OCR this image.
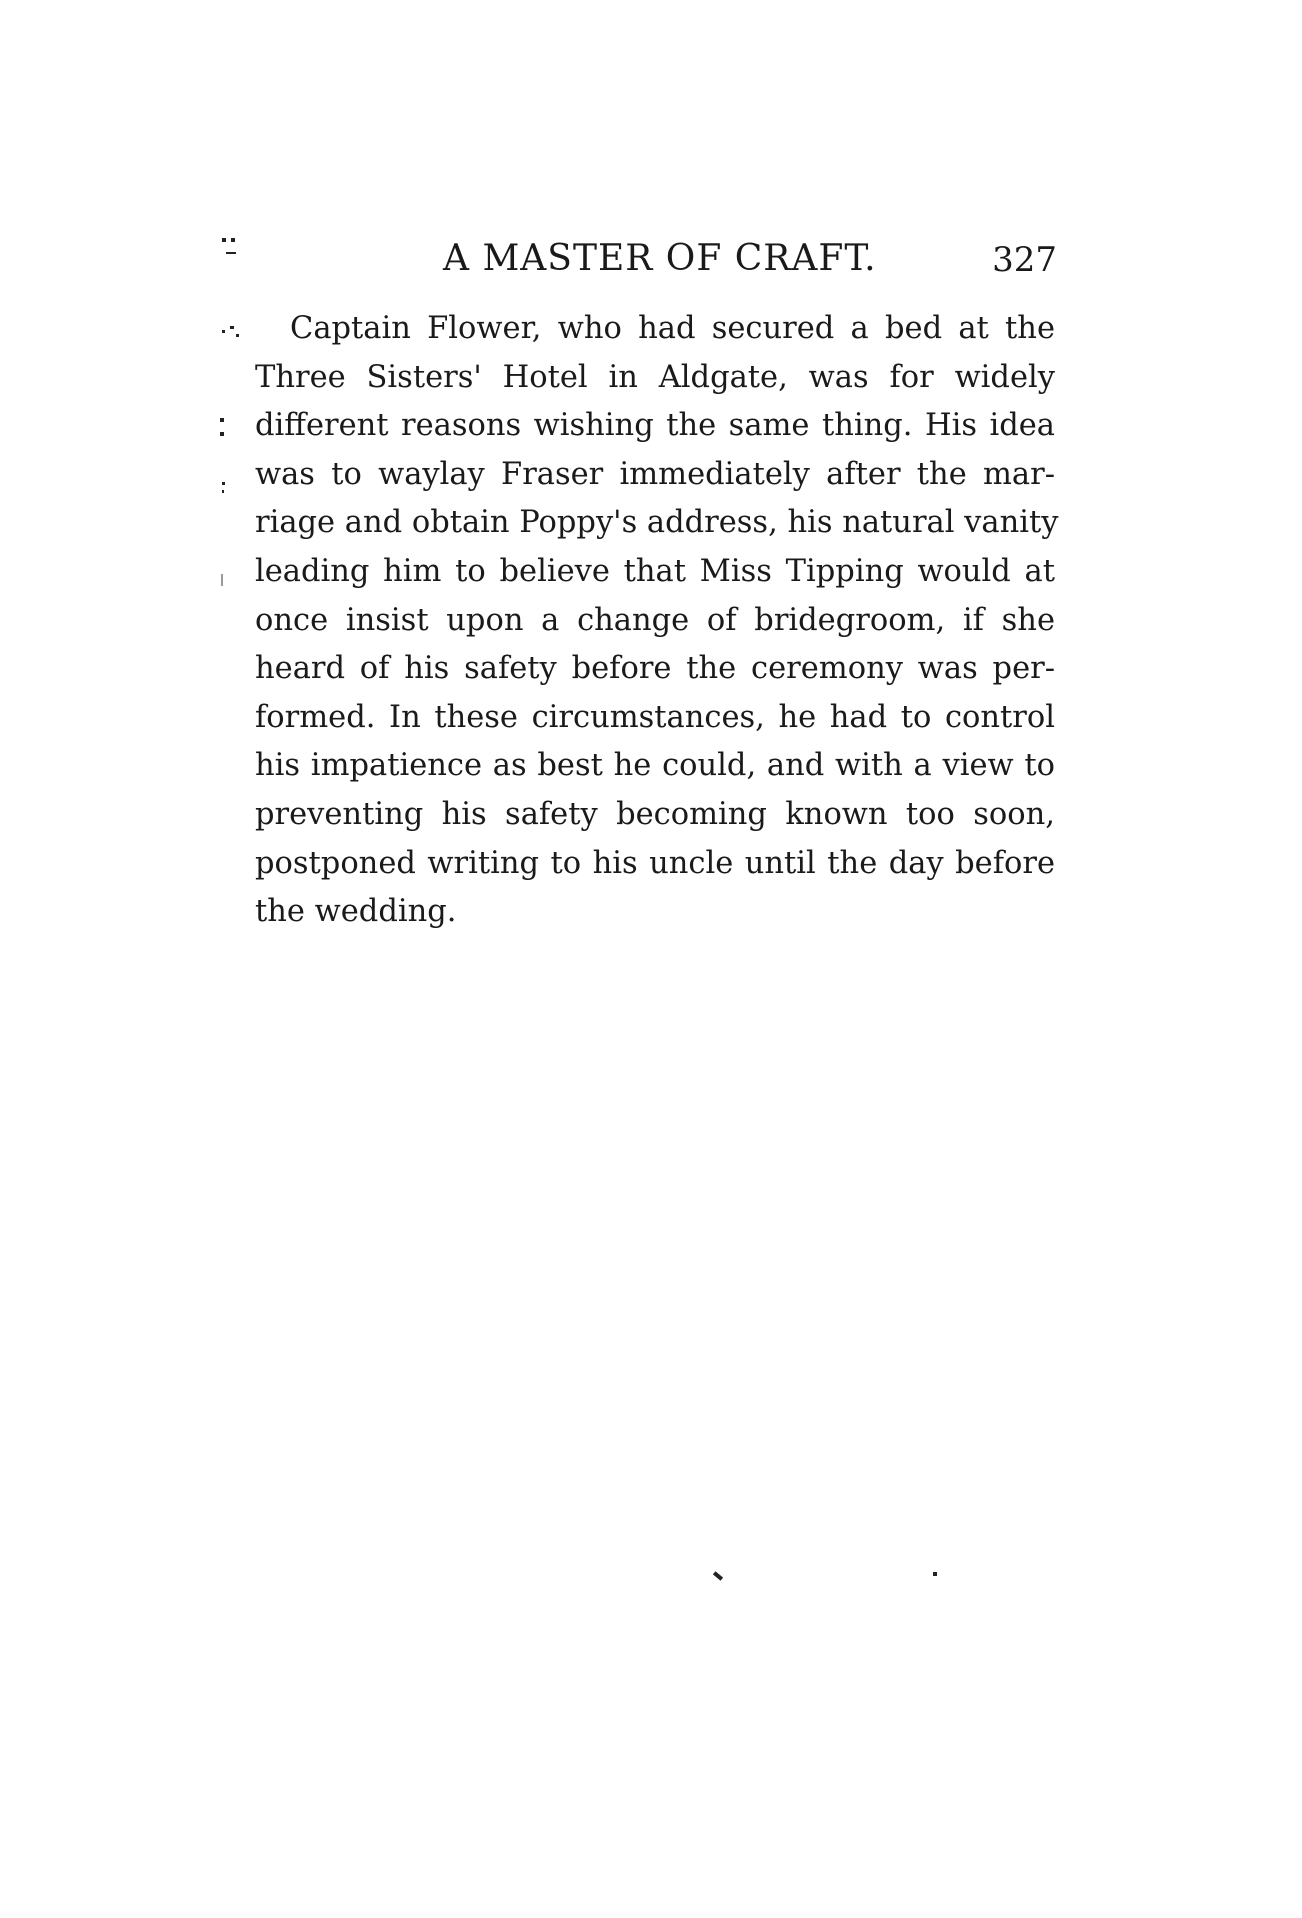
A MASTER OF CRAFT.	327
Captain Flower, who had secured a bed at the
Three Sisters' Hotel in Aldgate, was for widely
different reasons wishing the same thing. His idea
was to waylay Fraser immediately after the mar-
riage and obtain Poppy's address, his natural vanity
leading him to believe that Miss Tipping would at
once insist upon a change of bridegroom, if she
heard of his safety before the ceremony was per-
formed. In these circumstances, he had to control
his impatience as best he could, and with a view to
preventing his safety becoming known too soon,
postponed writing to his uncle until the day before
the wedding.
